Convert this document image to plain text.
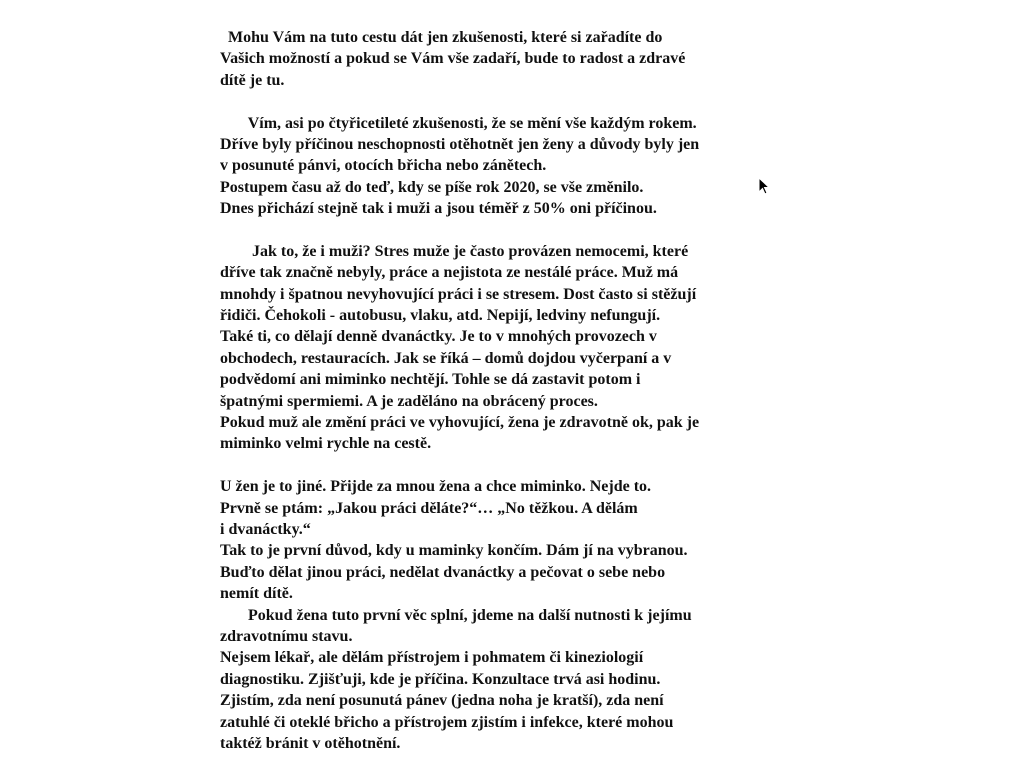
Mohu Vám na tuto cestu dát jen zkušenosti, které si zařadíte do
Vašich možností a pokud se Vám vše zadaří, bude to radost a zdravé
dítě je tu.
Vím, asi po čtyřicetileté zkušenosti, že se mění vše každým rokem.
Dříve byly příčinou neschopnosti otěhotnět jen ženy a důvody byly jen
v posunuté pánvi, otocích břicha nebo zánětech.
Postupem času až do teď, kdy se píše rok 2020, se vše změnilo.
Dnes přichází stejně tak i muži a jsou téměř z 50% oni příčinou.
Jak to, že i muži? Stres muže je často provázen nemocemi, které
dříve tak značně nebyly, práce a nejistota ze nestálé práce. Muž má
mnohdy i špatnou nevyhovující práci i se stresem. Dost často si stěžují
řidiči. Čehokoli - autobusu, vlaku, atd. Nepijí, ledviny nefungují.
Také ti, co dělají denně dvanáctky. Je to v mnohých provozech v
obchodech, restauracích. Jak se říká – domů dojdou vyčerpaní a v
podvědomí ani miminko nechtějí. Tohle se dá zastavit potom i
špatnými spermiemi. A je zaděláno na obrácený proces.
Pokud muž ale změní práci ve vyhovující, žena je zdravotně ok, pak je
miminko velmi rychle na cestě.
U žen je to jiné. Přijde za mnou žena a chce miminko. Nejde to.
Prvně se ptám: „Jakou práci děláte?“… „No těžkou. A dělám
i dvanáctky.“
Tak to je první důvod, kdy u maminky končím. Dám jí na vybranou.
Buďto dělat jinou práci, nedělat dvanáctky a pečovat o sebe nebo
nemít dítě.
Pokud žena tuto první věc splní, jdeme na další nutnosti k jejímu
zdravotnímu stavu.
Nejsem lékař, ale dělám přístrojem i pohmatem či kineziologií
diagnostiku. Zjišťuji, kde je příčina. Konzultace trvá asi hodinu.
Zjistím, zda není posunutá pánev (jedna noha je kratší), zda není
zatuhlé či oteklé břicho a přístrojem zjistím i infekce, které mohou
taktéž bránit v otěhotnění.
